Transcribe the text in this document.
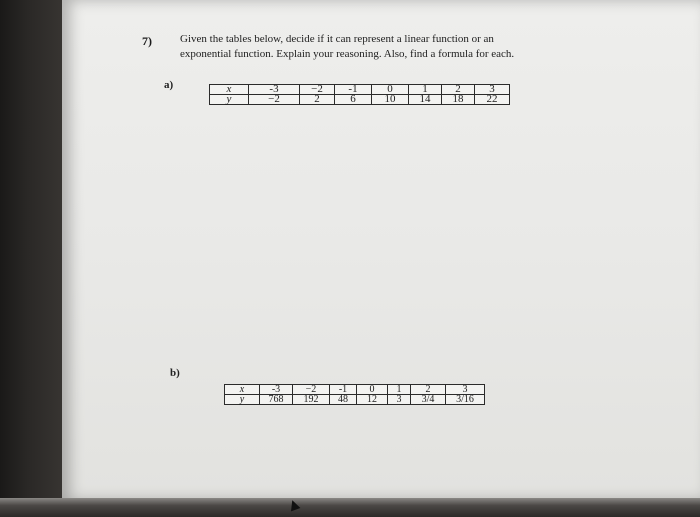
7)	Given the tables below, decide if it can represent a linear function or an
exponential function. Explain your reasoning. Also, find a formula for each.
a)	x	-3	−2	-1	0	1	2	3
y	−2	2	6	10	14	18	22
b)
x	-3	−2	-1	0	1	2	3
y	768	192	48	12	3	3/4	3/16
